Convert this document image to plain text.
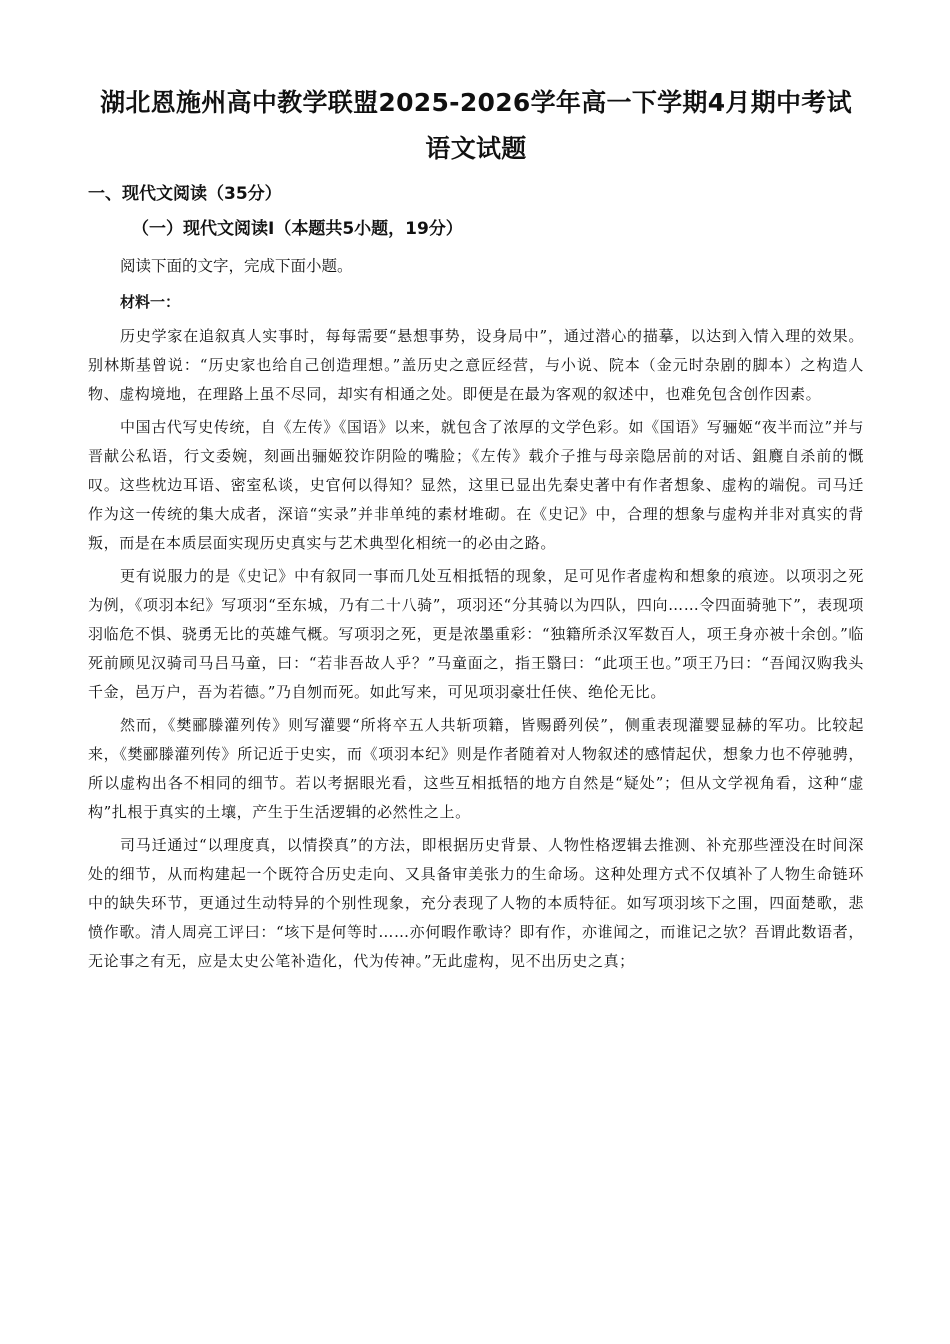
湖北恩施州高中教学联盟2025-2026学年高一下学期4月期中考试语文试题
一、现代文阅读（35分）
（一）现代文阅读Ⅰ（本题共5小题，19分）

阅读下面的文字，完成下面小题。

材料一：

历史学家在追叙真人实事时，每每需要“悬想事势，设身局中”，通过潜心的描摹，以达到入情入理的效果。别林斯基曾说：“历史家也给自己创造理想。”盖历史之意匠经营，与小说、院本（金元时杂剧的脚本）之构造人物、虚构境地，在理路上虽不尽同，却实有相通之处。即便是在最为客观的叙述中，也难免包含创作因素。

中国古代写史传统，自《左传》《国语》以来，就包含了浓厚的文学色彩。如《国语》写骊姬“夜半而泣”并与晋献公私语，行文委婉，刻画出骊姬狡诈阴险的嘴脸；《左传》载介子推与母亲隐居前的对话、鉏麑自杀前的慨叹。这些枕边耳语、密室私谈，史官何以得知？显然，这里已显出先秦史著中有作者想象、虚构的端倪。司马迁作为这一传统的集大成者，深谙“实录”并非单纯的素材堆砌。在《史记》中，合理的想象与虚构并非对真实的背叛，而是在本质层面实现历史真实与艺术典型化相统一的必由之路。

更有说服力的是《史记》中有叙同一事而几处互相抵牾的现象，足可见作者虚构和想象的痕迹。以项羽之死为例，《项羽本纪》写项羽“至东城，乃有二十八骑”，项羽还“分其骑以为四队，四向……令四面骑驰下”，表现项羽临危不惧、骁勇无比的英雄气概。写项羽之死，更是浓墨重彩：“独籍所杀汉军数百人，项王身亦被十余创。”临死前顾见汉骑司马吕马童，曰：“若非吾故人乎？”马童面之，指王翳曰：“此项王也。”项王乃曰：“吾闻汉购我头千金，邑万户，吾为若德。”乃自刎而死。如此写来，可见项羽豪壮任侠、绝伦无比。

然而，《樊郦滕灌列传》则写灌婴“所将卒五人共斩项籍，皆赐爵列侯”，侧重表现灌婴显赫的军功。比较起来，《樊郦滕灌列传》所记近于史实，而《项羽本纪》则是作者随着对人物叙述的感情起伏，想象力也不停驰骋，所以虚构出各不相同的细节。若以考据眼光看，这些互相抵牾的地方自然是“疑处”；但从文学视角看，这种“虚构”扎根于真实的土壤，产生于生活逻辑的必然性之上。

司马迁通过“以理度真，以情揆真”的方法，即根据历史背景、人物性格逻辑去推测、补充那些湮没在时间深处的细节，从而构建起一个既符合历史走向、又具备审美张力的生命场。这种处理方式不仅填补了人物生命链环中的缺失环节，更通过生动特异的个别性现象，充分表现了人物的本质特征。如写项羽垓下之围，四面楚歌，悲愤作歌。清人周亮工评曰：“垓下是何等时……亦何暇作歌诗？即有作，亦谁闻之，而谁记之欤？吾谓此数语者，无论事之有无，应是太史公笔补造化，代为传神。”无此虚构，见不出历史之真；
